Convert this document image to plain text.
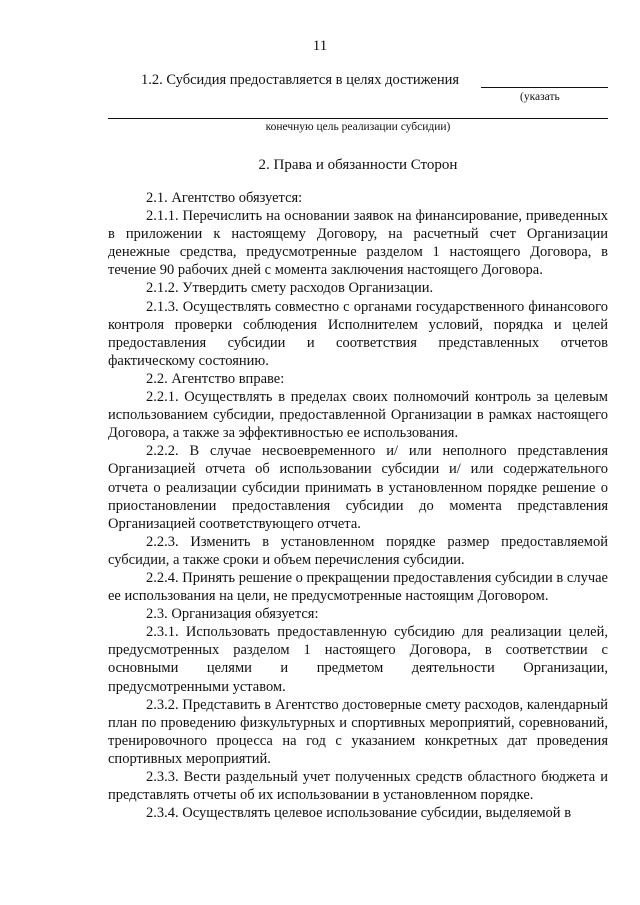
11
1.2. Субсидия предоставляется в целях достижения
(указать
конечную цель реализации субсидии)
2. Права и обязанности Сторон

2.1. Агентство обязуется:

2.1.1. Перечислить на основании заявок на финансирование, приведенных в приложении к настоящему Договору, на расчетный счет Организации денежные средства, предусмотренные разделом 1 настоящего Договора, в течение 90 рабочих дней с момента заключения настоящего Договора.

2.1.2. Утвердить смету расходов Организации.

2.1.3. Осуществлять совместно с органами государственного финансового контроля проверки соблюдения Исполнителем условий, порядка и целей предоставления субсидии и соответствия представленных отчетов фактическому состоянию.

2.2. Агентство вправе:

2.2.1. Осуществлять в пределах своих полномочий контроль за целевым использованием субсидии, предоставленной Организации в рамках настоящего Договора, а также за эффективностью ее использования.

2.2.2. В случае несвоевременного и/ или неполного представления Организацией отчета об использовании субсидии и/ или содержательного отчета о реализации субсидии принимать в установленном порядке решение о приостановлении предоставления субсидии до момента представления Организацией соответствующего отчета.

2.2.3. Изменить в установленном порядке размер предоставляемой субсидии, а также сроки и объем перечисления субсидии.

2.2.4. Принять решение о прекращении предоставления субсидии в случае ее использования на цели, не предусмотренные настоящим Договором.

2.3. Организация обязуется:

2.3.1. Использовать предоставленную субсидию для реализации целей, предусмотренных разделом 1 настоящего Договора, в соответствии с основными целями и предметом деятельности Организации, предусмотренными уставом.

2.3.2. Представить в Агентство достоверные смету расходов, календарный план по проведению физкультурных и спортивных мероприятий, соревнований, тренировочного процесса на год с указанием конкретных дат проведения спортивных мероприятий.

2.3.3. Вести раздельный учет полученных средств областного бюджета и представлять отчеты об их использовании в установленном порядке.

2.3.4. Осуществлять целевое использование субсидии, выделяемой в
